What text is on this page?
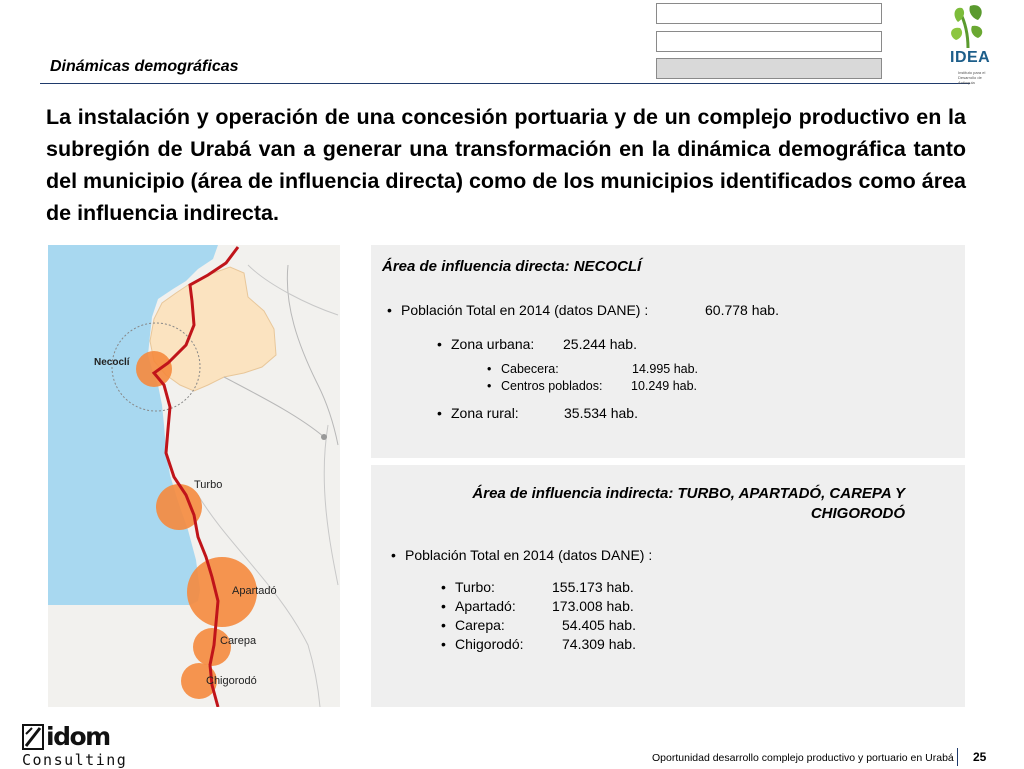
Dinámicas demográficas
IDEA
Instituto para el Desarrollo de Antioquia
La instalación y operación de una concesión portuaria y de un complejo productivo en la subregión de Urabá van a generar una transformación en la dinámica demográfica tanto del municipio (área de influencia directa) como de los municipios identificados como área de influencia indirecta.
Necoclí
Turbo
Apartadó
Carepa
Chigorodó
Área de influencia directa: NECOCLÍ
• Población Total en 2014 (datos DANE) :	60.778 hab.
• Zona urbana: 25.244 hab.
• Cabecera:	14.995 hab.
• Centros poblados: 10.249 hab.
• Zona rural:	35.534 hab.
Área de influencia indirecta: TURBO, APARTADÓ, CAREPA Y
CHIGORODÓ
• Población Total en 2014 (datos DANE) :
• Turbo:	155.173 hab.
• Apartadó:	173.008 hab.
• Carepa:	54.405 hab.
• Chigorodó:	74.309 hab.
idom
Consulting	Oportunidad desarrollo complejo productivo y portuario en Urabá 25
